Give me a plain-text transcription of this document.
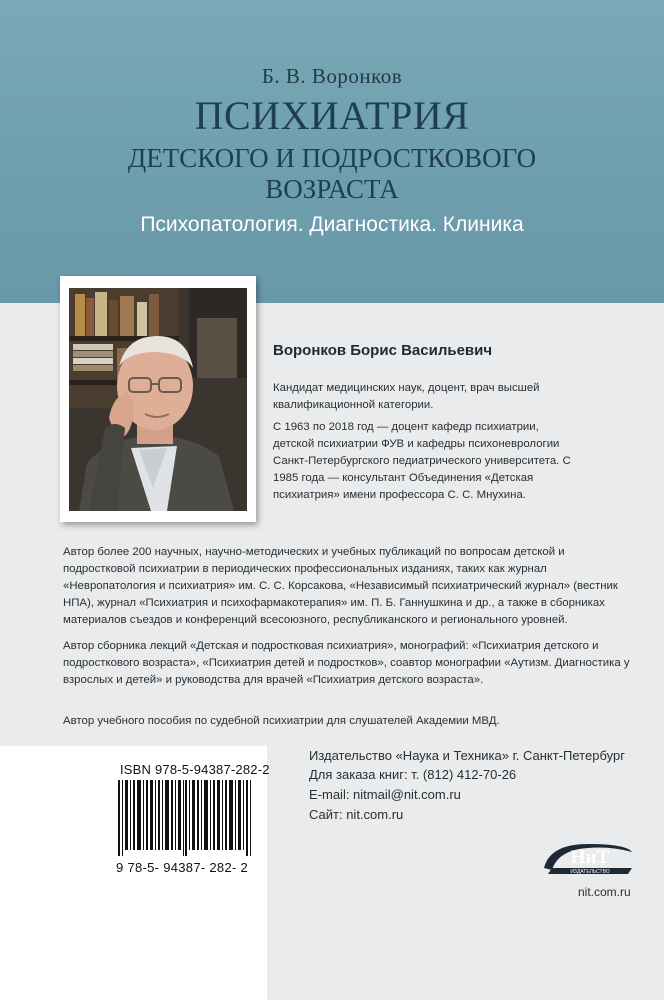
Б. В. Воронков
ПСИХИАТРИЯ
ДЕТСКОГО И ПОДРОСТКОВОГО
ВОЗРАСТА
Психопатология. Диагностика. Клиника
Воронков Борис Васильевич
Кандидат медицинских наук, доцент, врач высшей квалификационной категории.
С 1963 по 2018 год — доцент кафедр психиатрии, детской психиатрии ФУВ и кафедры психоневрологии Санкт-Петербургского педиатрического университета. С 1985 года — консультант Объединения «Детская психиатрия» имени профессора С. С. Мнухина.
Автор более 200 научных, научно-методических и учебных публикаций по вопросам детской и подростковой психиатрии в периодических профессиональных изданиях, таких как журнал «Невропатология и психиатрия» им. С. С. Корсакова, «Независимый психиатрический журнал» (вестник НПА), журнал «Психиатрия и психофармакотерапия» им. П. Б. Ганнушкина и др., а также в сборниках материалов съездов и конференций всесоюзного, республиканского и регионального уровней.
Автор сборника лекций «Детская и подростковая психиатрия», монографий: «Психиатрия детского и подросткового возраста», «Психиатрия детей и подростков», соавтор монографии «Аутизм. Диагностика у взрослых и детей» и руководства для врачей «Психиатрия детского возраста».
Автор учебного пособия по судебной психиатрии для слушателей Академии МВД.
ISBN 978-5-94387-282-2
9 78-5- 94387- 282- 2
Издательство «Наука и Техника» г. Санкт-Петербург
Для заказа книг: т. (812) 412-70-26
E-mail: nitmail@nit.com.ru
Сайт: nit.com.ru
НиТ
ИЗДАТЕЛЬСТВО
nit.com.ru
